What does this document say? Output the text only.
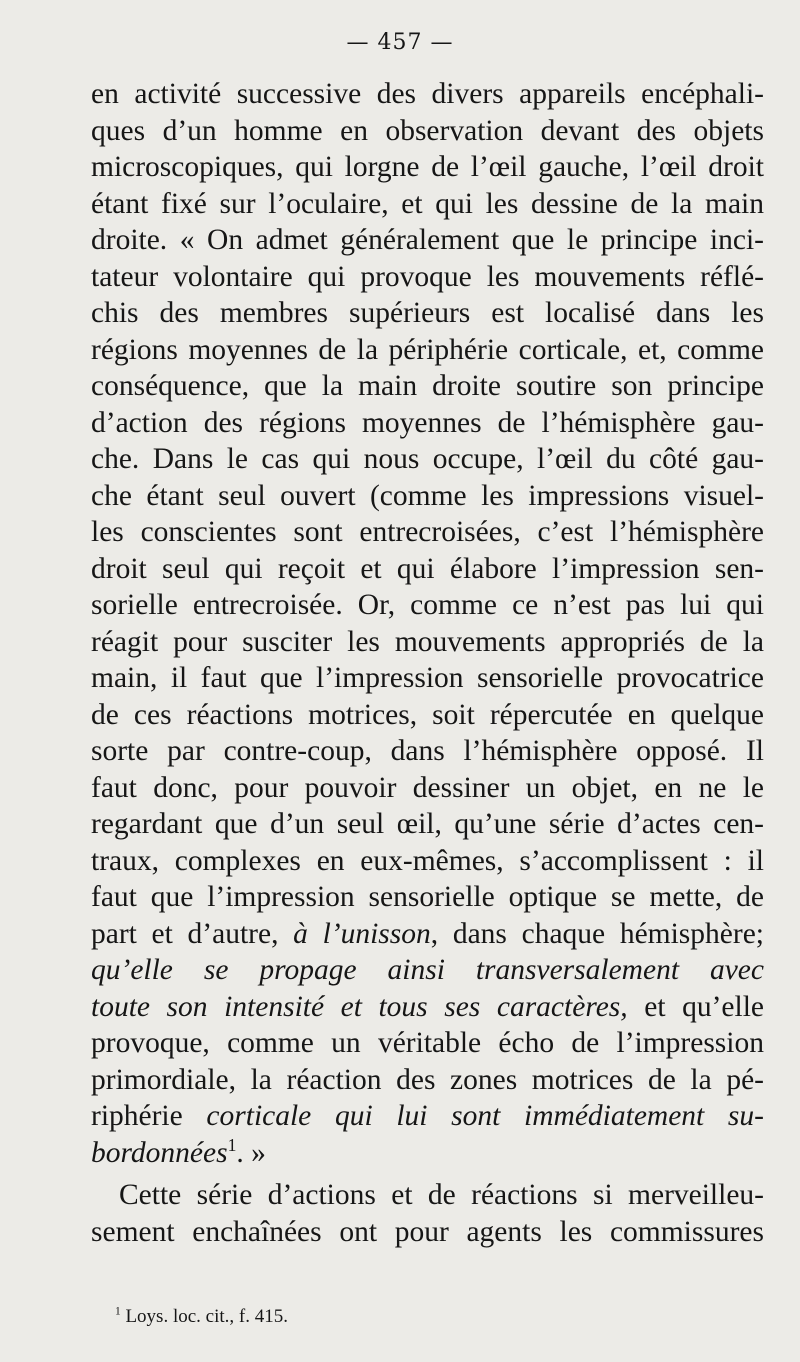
— 457 —
en activité successive des divers appareils encéphali-
ques d’un homme en observation devant des objets
microscopiques, qui lorgne de l’œil gauche, l’œil droit
étant fixé sur l’oculaire, et qui les dessine de la main
droite. « On admet généralement que le principe inci-
tateur volontaire qui provoque les mouvements réflé-
chis des membres supérieurs est localisé dans les
régions moyennes de la périphérie corticale, et, comme
conséquence, que la main droite soutire son principe
d’action des régions moyennes de l’hémisphère gau-
che. Dans le cas qui nous occupe, l’œil du côté gau-
che étant seul ouvert (comme les impressions visuel-
les conscientes sont entrecroisées, c’est l’hémisphère
droit seul qui reçoit et qui élabore l’impression sen-
sorielle entrecroisée. Or, comme ce n’est pas lui qui
réagit pour susciter les mouvements appropriés de la
main, il faut que l’impression sensorielle provocatrice
de ces réactions motrices, soit répercutée en quelque
sorte par contre-coup, dans l’hémisphère opposé. Il
faut donc, pour pouvoir dessiner un objet, en ne le
regardant que d’un seul œil, qu’une série d’actes cen-
traux, complexes en eux-mêmes, s’accomplissent : il
faut que l’impression sensorielle optique se mette, de
part et d’autre, à l’unisson, dans chaque hémisphère;
qu’elle se propage ainsi transversalement avec
toute son intensité et tous ses caractères, et qu’elle
provoque, comme un véritable écho de l’impression
primordiale, la réaction des zones motrices de la pé-
riphérie corticale qui lui sont immédiatement su-
bordonnées$^1$. »
Cette série d’actions et de réactions si merveilleu-
sement enchaînées ont pour agents les commissures
$^1$ Loys. loc. cit., f. 415.
